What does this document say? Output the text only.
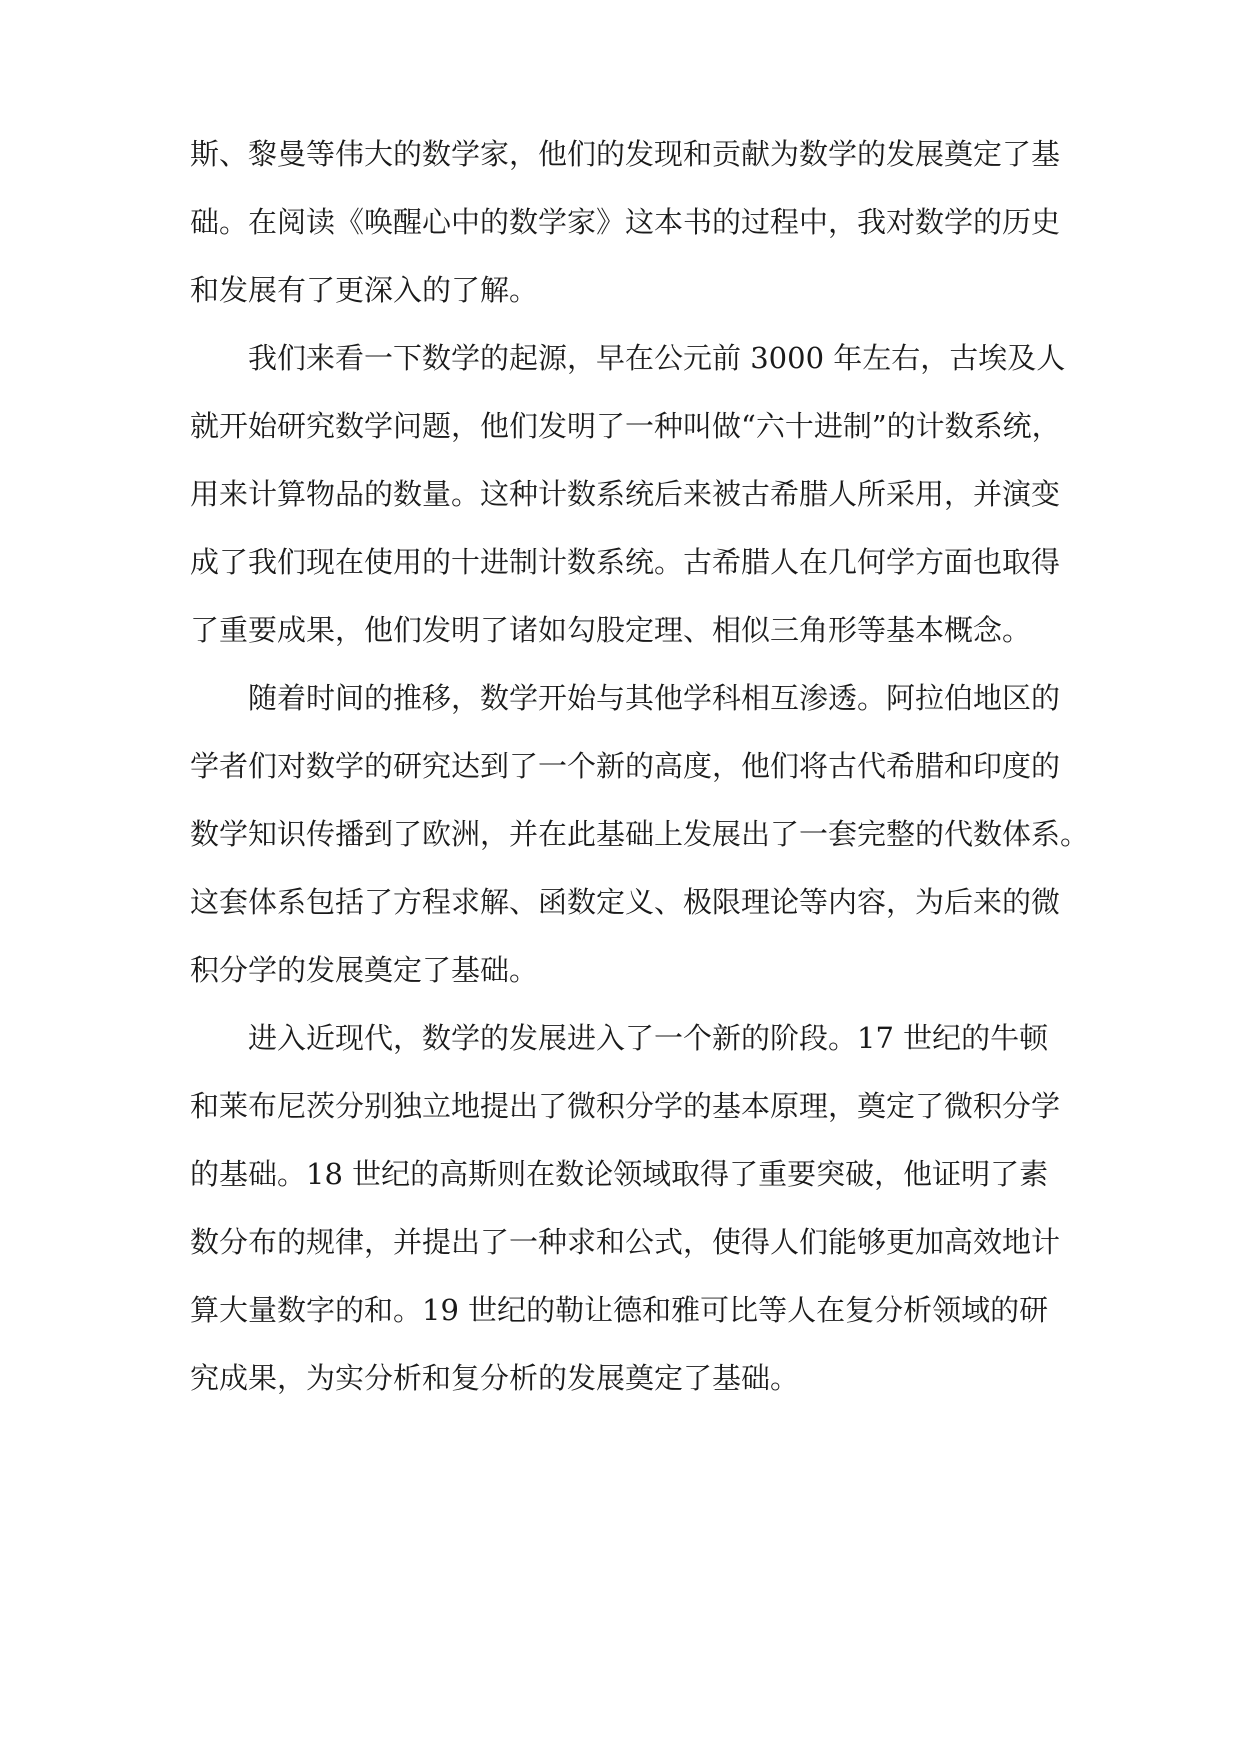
斯、黎曼等伟大的数学家，他们的发现和贡献为数学的发展奠定了基
础。在阅读《唤醒心中的数学家》这本书的过程中，我对数学的历史
和发展有了更深入的了解。
我们来看一下数学的起源，早在公元前 3000 年左右，古埃及人
就开始研究数学问题，他们发明了一种叫做“六十进制”的计数系统，
用来计算物品的数量。这种计数系统后来被古希腊人所采用，并演变
成了我们现在使用的十进制计数系统。古希腊人在几何学方面也取得
了重要成果，他们发明了诸如勾股定理、相似三角形等基本概念。
随着时间的推移，数学开始与其他学科相互渗透。阿拉伯地区的
学者们对数学的研究达到了一个新的高度，他们将古代希腊和印度的
数学知识传播到了欧洲，并在此基础上发展出了一套完整的代数体系。
这套体系包括了方程求解、函数定义、极限理论等内容，为后来的微
积分学的发展奠定了基础。
进入近现代，数学的发展进入了一个新的阶段。17 世纪的牛顿
和莱布尼茨分别独立地提出了微积分学的基本原理，奠定了微积分学
的基础。18 世纪的高斯则在数论领域取得了重要突破，他证明了素
数分布的规律，并提出了一种求和公式，使得人们能够更加高效地计
算大量数字的和。19 世纪的勒让德和雅可比等人在复分析领域的研
究成果，为实分析和复分析的发展奠定了基础。
